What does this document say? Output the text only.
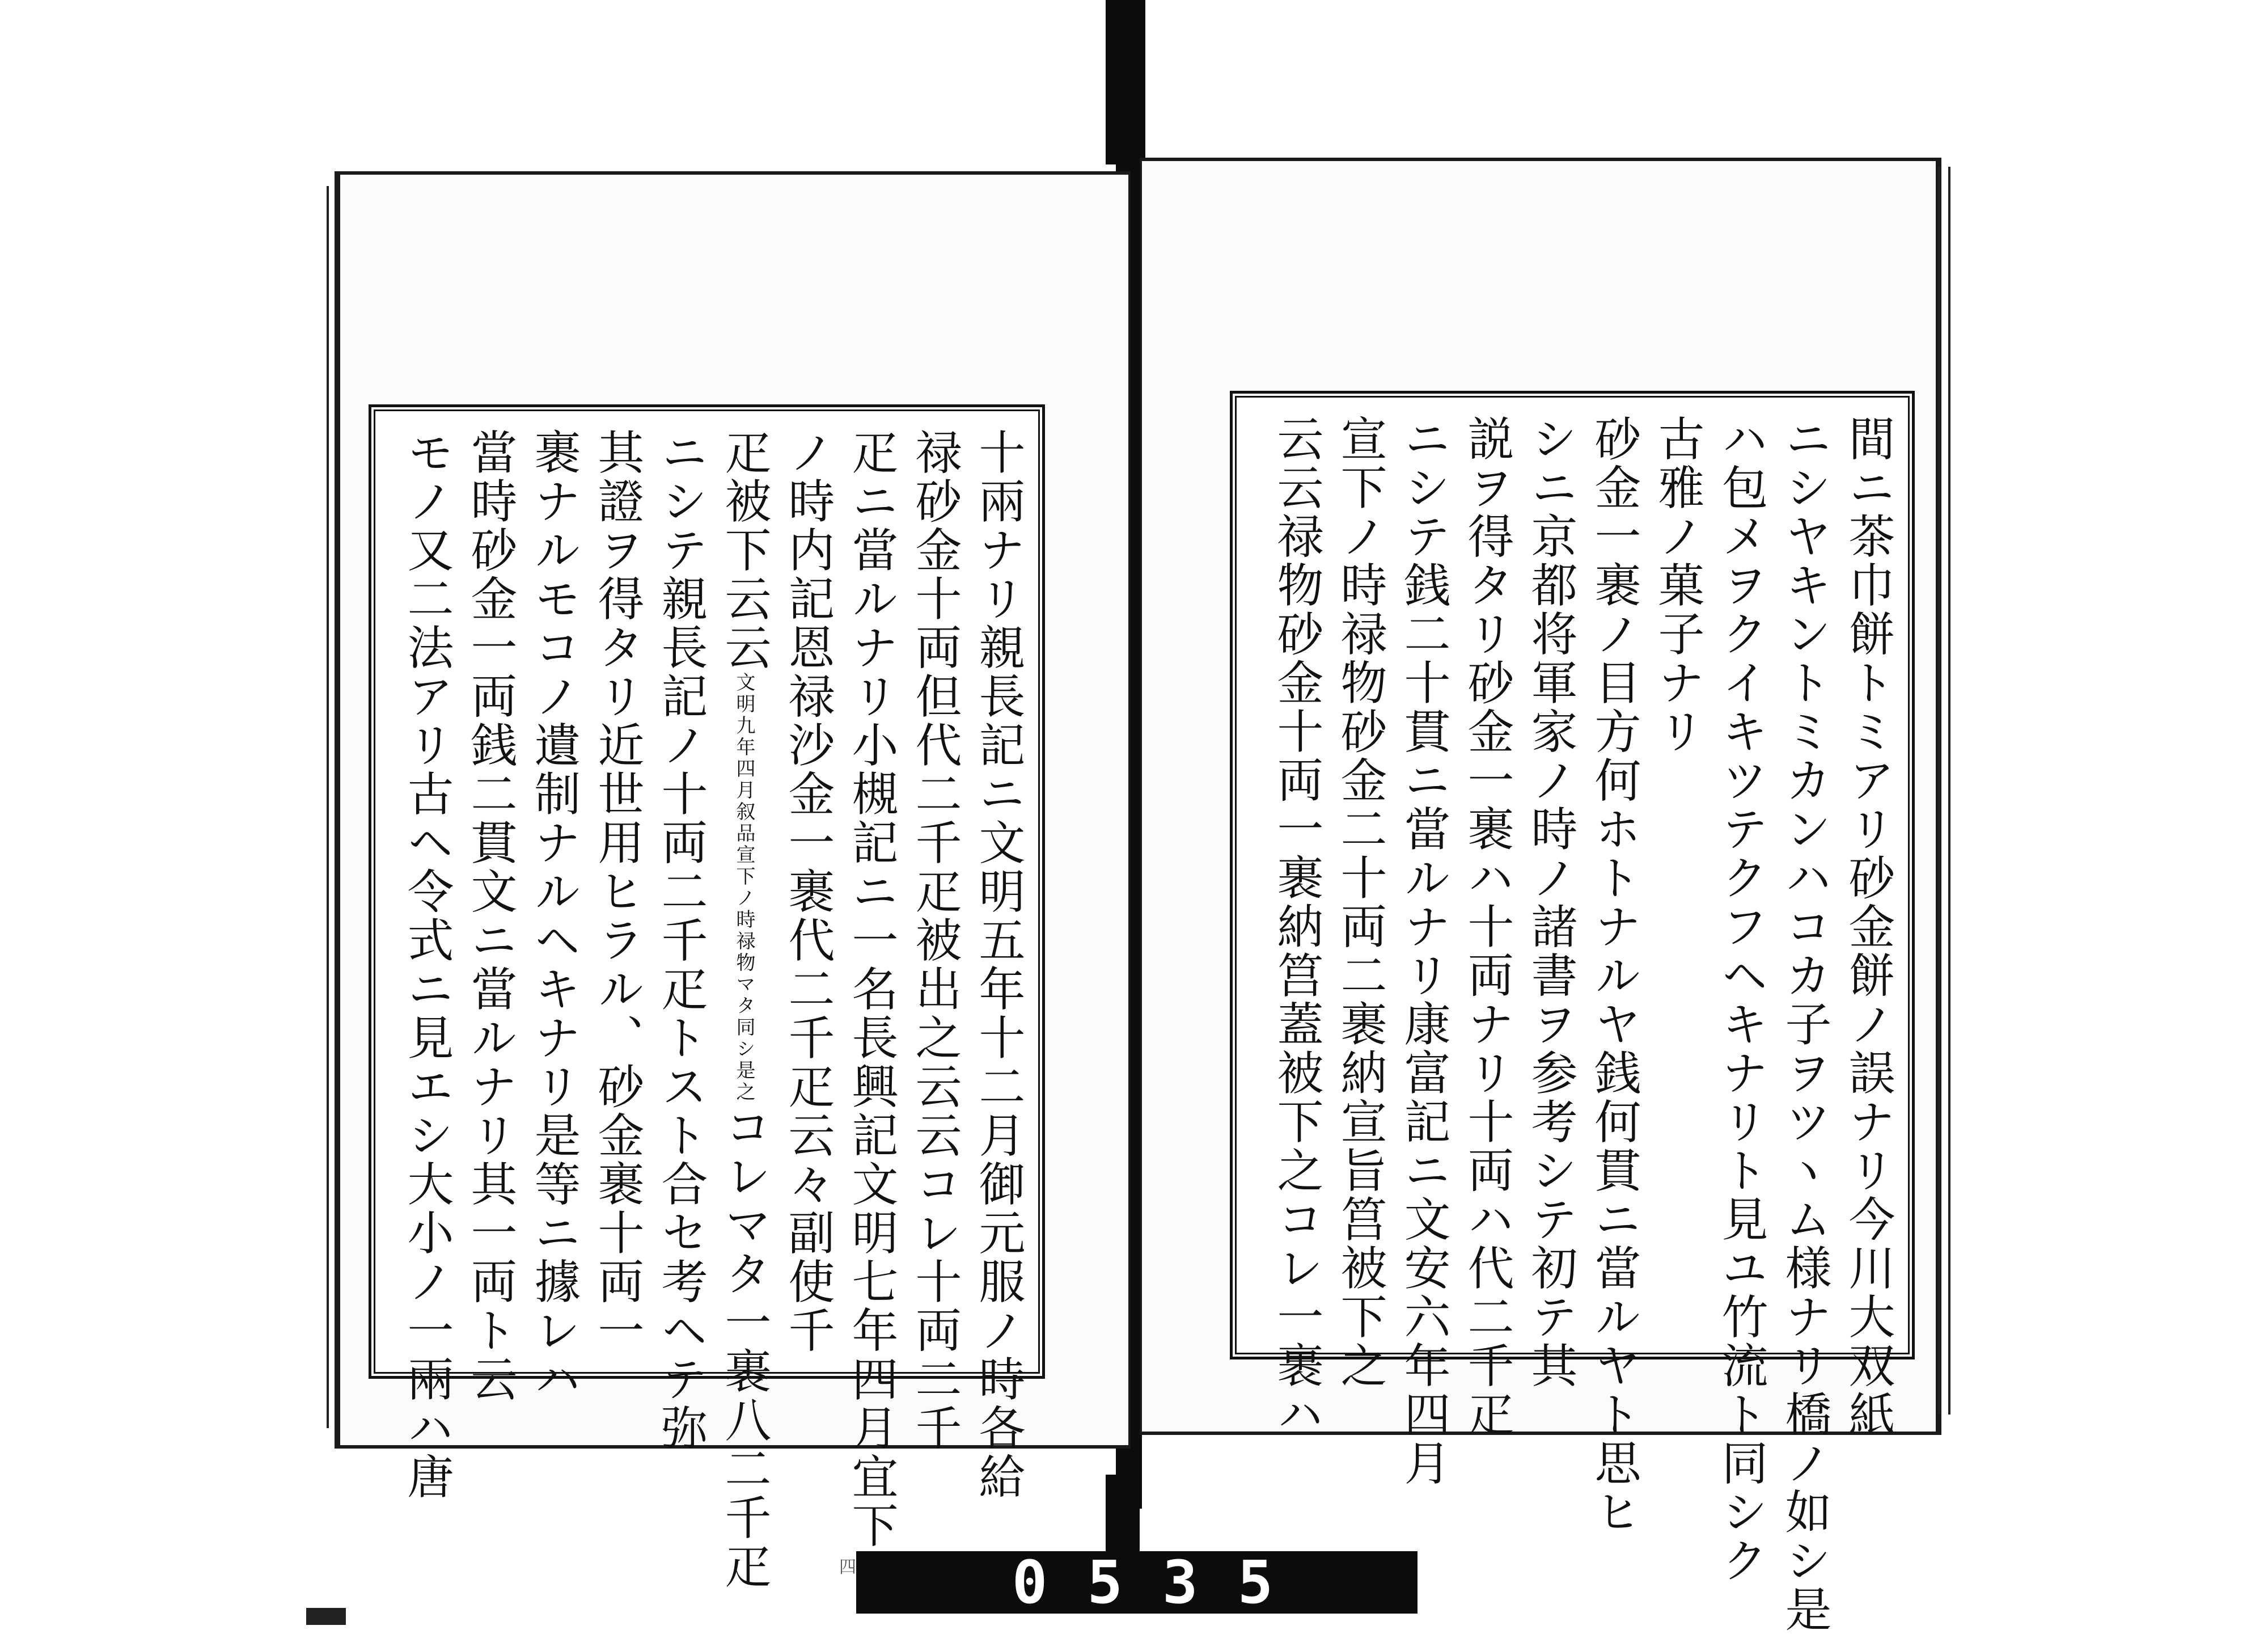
十兩ナリ親長記ニ文明五年十二月御元服ノ時各給
禄砂金十両但代二千疋被出之云云コレ十両二千
疋ニ當ルナリ小槻記ニ一名長興記文明七年四月宜下
ノ時内記恩禄沙金一裹代二千疋云々副使千
疋被下云云文明九年四月叙品宣下ノ時禄物マタ同シ是之コレマタ一裹八二千疋
ニシテ親長記ノ十両二千疋トスト合セ考ヘテ弥
其證ヲ得タリ近世用ヒラル、砂金裹十両一
裹ナルモコノ遺制ナルヘキナリ是等ニ據レハ
當時砂金一両銭二貫文ニ當ルナリ其一両ト云
モノ又二法アリ古ヘ令式ニ見エシ大小ノ一兩ハ唐
四
間ニ茶巾餅トミアリ砂金餅ノ誤ナリ今川大双紙
ニシヤキントミカンハコカ子ヲツヽム様ナリ橋ノ如シ是
ハ包メヲクイキツテクフヘキナリト見ユ竹流ト同シク
古雅ノ菓子ナリ
砂金一裹ノ目方何ホトナルヤ銭何貫ニ當ルヤト思ヒ
シニ京都将軍家ノ時ノ諸書ヲ参考シテ初テ其
説ヲ得タリ砂金一裹ハ十両ナリ十両ハ代二千疋
ニシテ銭二十貫ニ當ルナリ康富記ニ文安六年四月
宣下ノ時禄物砂金二十両二裹納宣旨筥被下之
云云禄物砂金十両一裹納筥蓋被下之コレ一裹ハ
0535
